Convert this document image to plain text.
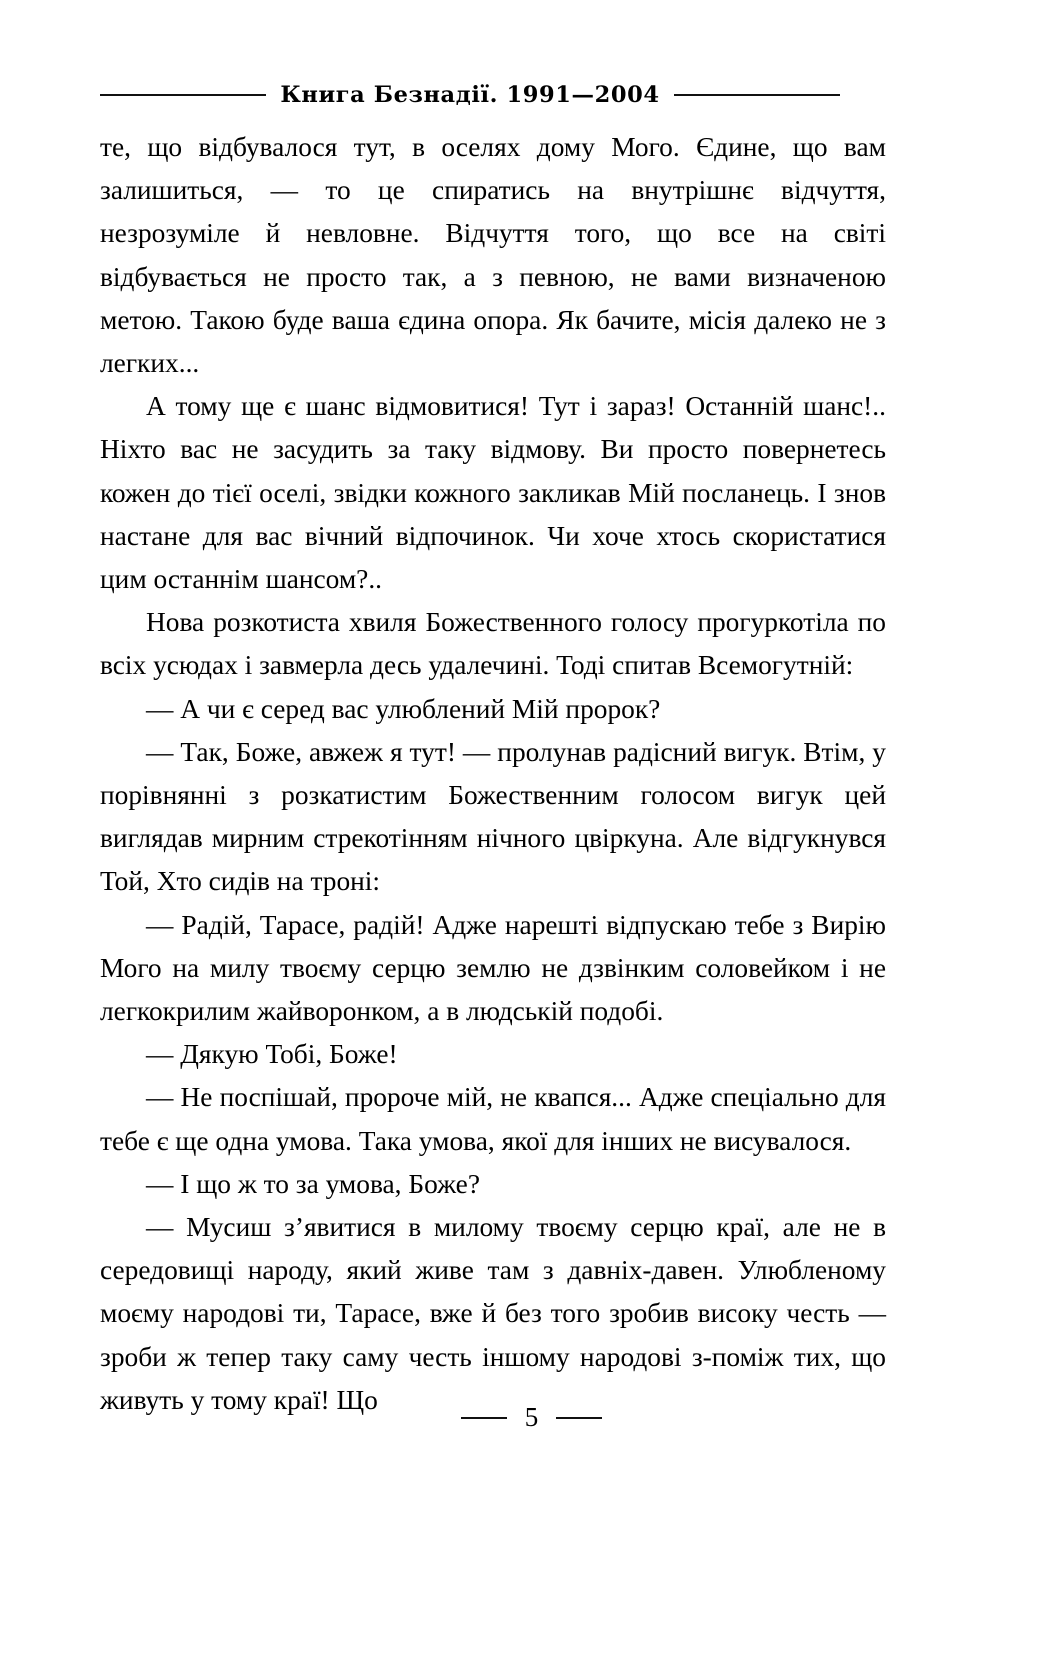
Книга Безнадії. 1991—2004

те, що відбувалося тут, в оселях дому Мого. Єдине, що вам залишиться, — то це спиратись на внутрішнє відчуття, незрозуміле й невловне. Відчуття того, що все на світі відбувається не просто так, а з певною, не вами визначеною метою. Такою буде ваша єдина опора. Як бачите, місія далеко не з легких...

А тому ще є шанс відмовитися! Тут і зараз! Останній шанс!.. Ніхто вас не засудить за таку відмову. Ви просто повернетесь кожен до тієї оселі, звідки кожного закликав Мій посланець. І знов настане для вас вічний відпочинок. Чи хоче хтось скористатися цим останнім шансом?..

Нова розкотиста хвиля Божественного голосу прогуркотіла по всіх усюдах і завмерла десь удалечині. Тоді спитав Всемогутній:

— А чи є серед вас улюблений Мій пророк?

— Так, Боже, авжеж я тут! — пролунав радісний вигук. Втім, у порівнянні з розкатистим Божественним голосом вигук цей виглядав мирним стрекотінням нічного цвіркуна. Але відгукнувся Той, Хто сидів на троні:

— Радій, Тарасе, радій! Адже нарешті відпускаю тебе з Вирію Мого на милу твоєму серцю землю не дзвінким соловейком і не легкокрилим жайворонком, а в людській подобі.

— Дякую Тобі, Боже!

— Не поспішай, пророче мій, не квапся... Адже спеціально для тебе є ще одна умова. Така умова, якої для інших не висувалося.

— І що ж то за умова, Боже?

— Мусиш з’явитися в милому твоєму серцю краї, але не в середовищі народу, який живе там з давніх-давен. Улюбленому моєму народові ти, Тарасе, вже й без того зробив високу честь — зроби ж тепер таку саму честь іншому народові з-поміж тих, що живуть у тому краї! Що

5
